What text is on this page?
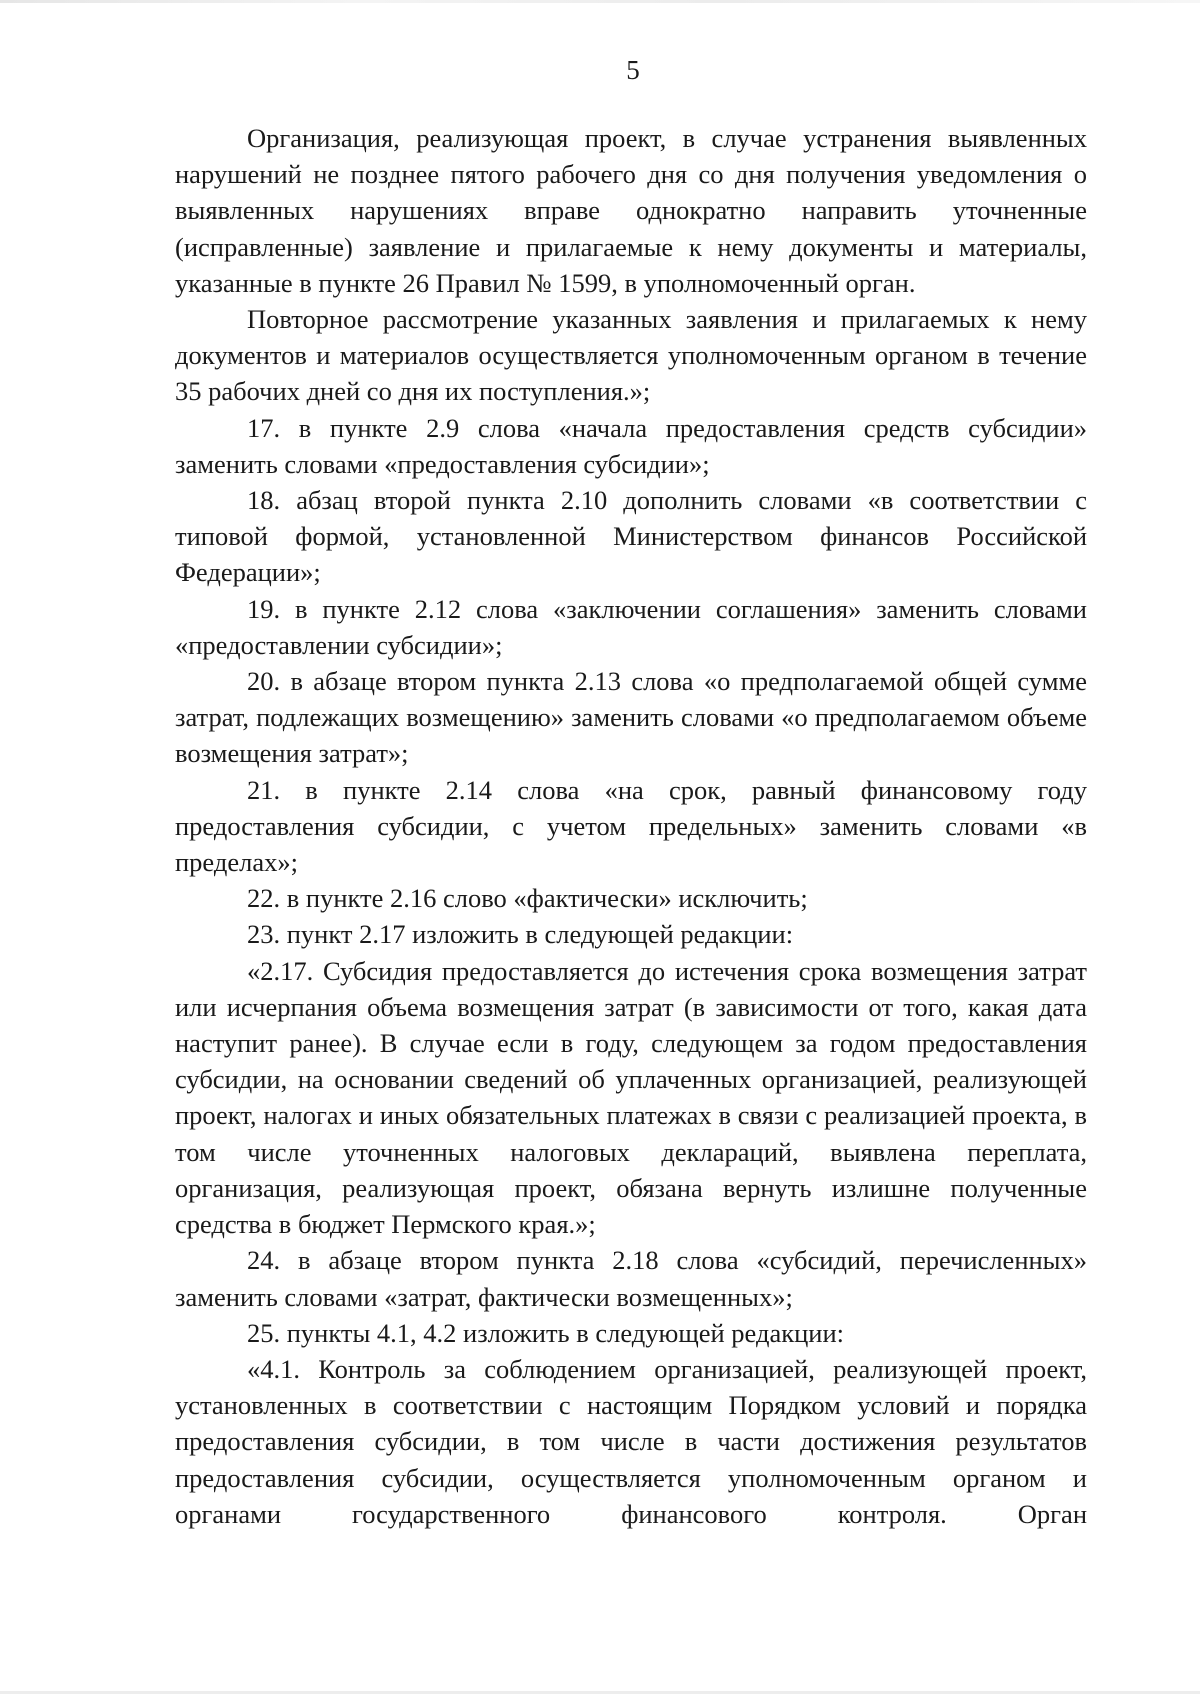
5

Организация, реализующая проект, в случае устранения выявленных нарушений не позднее пятого рабочего дня со дня получения уведомления о выявленных нарушениях вправе однократно направить уточненные (исправленные) заявление и прилагаемые к нему документы и материалы, указанные в пункте 26 Правил № 1599, в уполномоченный орган.

Повторное рассмотрение указанных заявления и прилагаемых к нему документов и материалов осуществляется уполномоченным органом в течение 35 рабочих дней со дня их поступления.»;

17. в пункте 2.9 слова «начала предоставления средств субсидии» заменить словами «предоставления субсидии»;

18. абзац второй пункта 2.10 дополнить словами «в соответствии с типовой формой, установленной Министерством финансов Российской Федерации»;

19. в пункте 2.12 слова «заключении соглашения» заменить словами «предоставлении субсидии»;

20. в абзаце втором пункта 2.13 слова «о предполагаемой общей сумме затрат, подлежащих возмещению» заменить словами «о предполагаемом объеме возмещения затрат»;

21. в пункте 2.14 слова «на срок, равный финансовому году предоставления субсидии, с учетом предельных» заменить словами «в пределах»;

22. в пункте 2.16 слово «фактически» исключить;

23. пункт 2.17 изложить в следующей редакции:

«2.17. Субсидия предоставляется до истечения срока возмещения затрат или исчерпания объема возмещения затрат (в зависимости от того, какая дата наступит ранее). В случае если в году, следующем за годом предоставления субсидии, на основании сведений об уплаченных организацией, реализующей проект, налогах и иных обязательных платежах в связи с реализацией проекта, в том числе уточненных налоговых деклараций, выявлена переплата, организация, реализующая проект, обязана вернуть излишне полученные средства в бюджет Пермского края.»;

24. в абзаце втором пункта 2.18 слова «субсидий, перечисленных» заменить словами «затрат, фактически возмещенных»;

25. пункты 4.1, 4.2 изложить в следующей редакции:

«4.1. Контроль за соблюдением организацией, реализующей проект, установленных в соответствии с настоящим Порядком условий и порядка предоставления субсидии, в том числе в части достижения результатов предоставления субсидии, осуществляется уполномоченным органом и органами государственного финансового контроля. Орган
